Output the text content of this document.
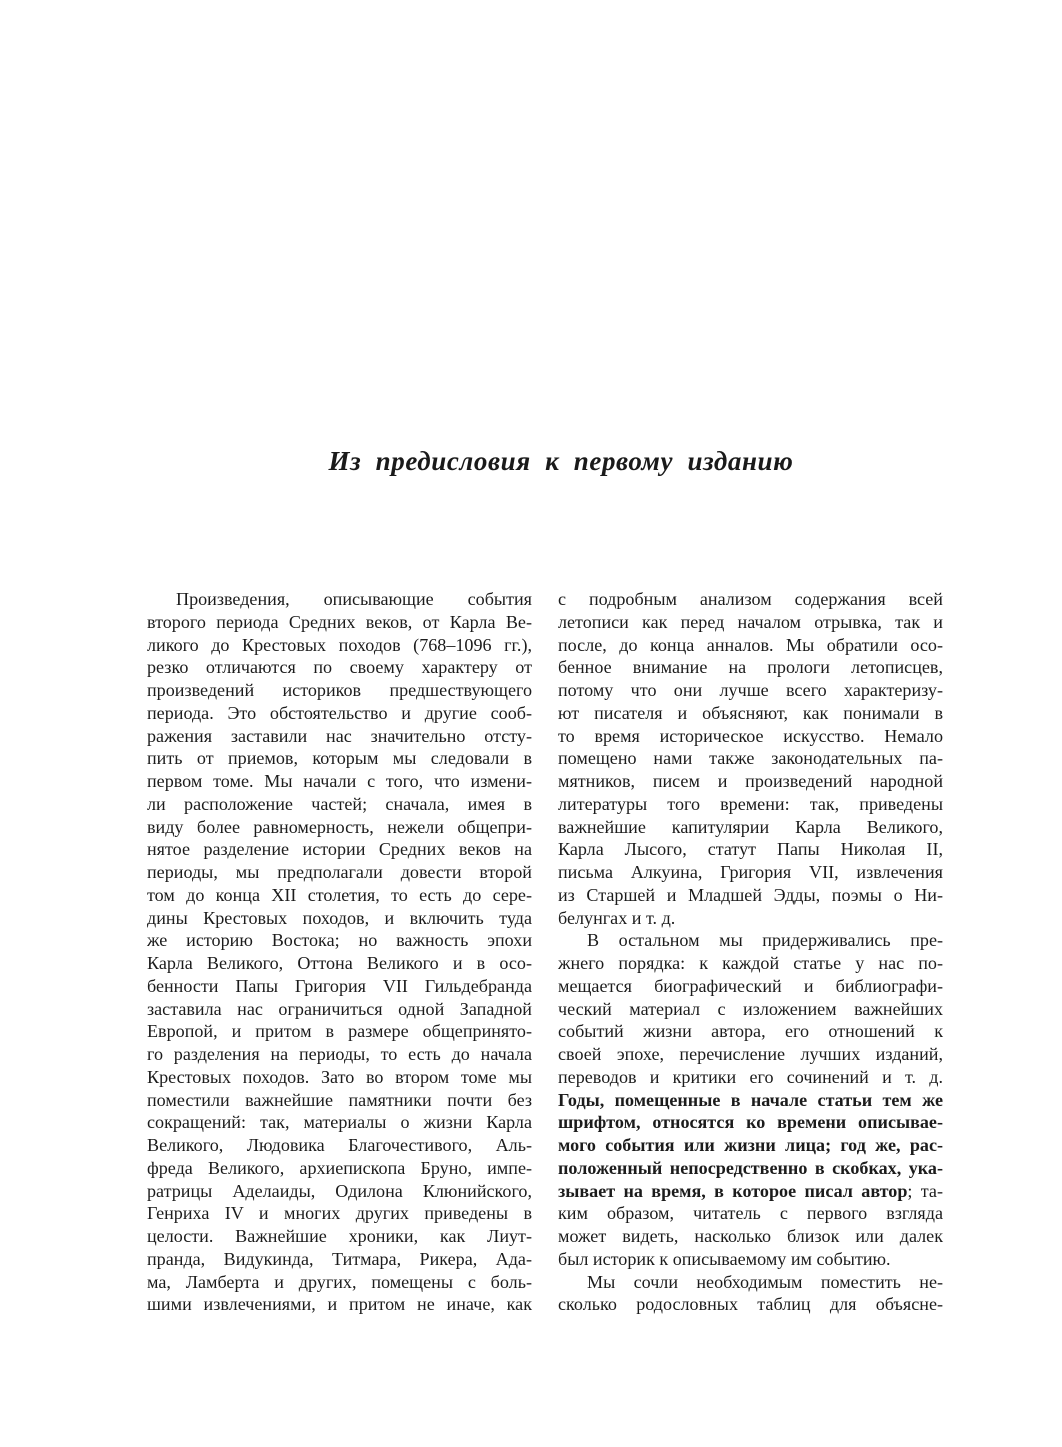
Из предисловия к первому изданию
Произведения, описывающие события
второго периода Средних веков, от Карла Ве-
ликого до Крестовых походов (768–1096 гг.),
резко отличаются по своему характеру от
произведений историков предшествующего
периода. Это обстоятельство и другие сооб-
ражения заставили нас значительно отсту-
пить от приемов, которым мы следовали в
первом томе. Мы начали с того, что измени-
ли расположение частей; сначала, имея в
виду более равномерность, нежели общепри-
нятое разделение истории Средних веков на
периоды, мы предполагали довести второй
том до конца XII столетия, то есть до сере-
дины Крестовых походов, и включить туда
же историю Востока; но важность эпохи
Карла Великого, Оттона Великого и в осо-
бенности Папы Григория VII Гильдебранда
заставила нас ограничиться одной Западной
Европой, и притом в размере общепринято-
го разделения на периоды, то есть до начала
Крестовых походов. Зато во втором томе мы
поместили важнейшие памятники почти без
сокращений: так, материалы о жизни Карла
Великого, Людовика Благочестивого, Аль-
фреда Великого, архиепископа Бруно, импе-
ратрицы Аделаиды, Одилона Клюнийского,
Генриха IV и многих других приведены в
целости. Важнейшие хроники, как Лиут-
пранда, Видукинда, Титмара, Рикера, Ада-
ма, Ламберта и других, помещены с боль-
шими извлечениями, и притом не иначе, как
с подробным анализом содержания всей
летописи как перед началом отрывка, так и
после, до конца анналов. Мы обратили осо-
бенное внимание на прологи летописцев,
потому что они лучше всего характеризу-
ют писателя и объясняют, как понимали в
то время историческое искусство. Немало
помещено нами также законодательных па-
мятников, писем и произведений народной
литературы того времени: так, приведены
важнейшие капитулярии Карла Великого,
Карла Лысого, статут Папы Николая II,
письма Алкуина, Григория VII, извлечения
из Старшей и Младшей Эдды, поэмы о Ни-
белунгах и т. д.
В остальном мы придерживались пре-
жнего порядка: к каждой статье у нас по-
мещается биографический и библиографи-
ческий материал с изложением важнейших
событий жизни автора, его отношений к
своей эпохе, перечисление лучших изданий,
переводов и критики его сочинений и т. д.
Годы, помещенные в начале статьи тем же
шрифтом, относятся ко времени описывае-
мого события или жизни лица; год же, рас-
положенный непосредственно в скобках, ука-
зывает на время, в которое писал автор; та-
ким образом, читатель с первого взгляда
может видеть, насколько близок или далек
был историк к описываемому им событию.
Мы сочли необходимым поместить не-
сколько родословных таблиц для объясне-
